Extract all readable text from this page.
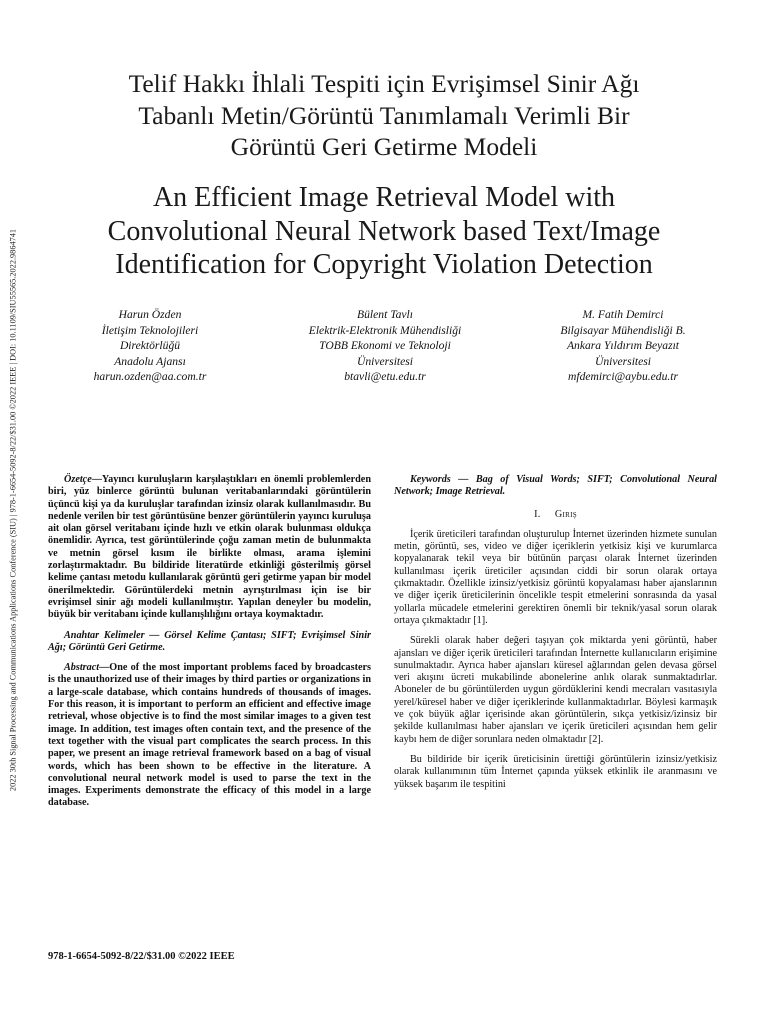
2022 30th Signal Processing and Communications Applications Conference (SIU) | 978-1-6654-5092-8/22/$31.00 ©2022 IEEE | DOI: 10.1109/SIU55565.2022.9864741
Telif Hakkı İhlali Tespiti için Evrişimsel Sinir Ağı
Tabanlı Metin/Görüntü Tanımlamalı Verimli Bir
Görüntü Geri Getirme Modeli
An Efficient Image Retrieval Model with
Convolutional Neural Network based Text/Image
Identification for Copyright Violation Detection
Harun Özden
İletişim Teknolojileri
Direktörlüğü
Anadolu Ajansı
harun.ozden@aa.com.tr
Bülent Tavlı
Elektrik-Elektronik Mühendisliği
TOBB Ekonomi ve Teknoloji
Üniversitesi
btavli@etu.edu.tr
M. Fatih Demirci
Bilgisayar Mühendisliği B.
Ankara Yıldırım Beyazıt
Üniversitesi
mfdemirci@aybu.edu.tr

Özetçe—Yayıncı kuruluşların karşılaştıkları en önemli problemlerden biri, yüz binlerce görüntü bulunan veritabanlarındaki görüntülerin üçüncü kişi ya da kuruluşlar tarafından izinsiz olarak kullanılmasıdır. Bu nedenle verilen bir test görüntüsüne benzer görüntülerin yayıncı kuruluşa ait olan görsel veritabanı içinde hızlı ve etkin olarak bulunması oldukça önemlidir. Ayrıca, test görüntülerinde çoğu zaman metin de bulunmakta ve metnin görsel kısım ile birlikte olması, arama işlemini zorlaştırmaktadır. Bu bildiride literatürde etkinliği gösterilmiş görsel kelime çantası metodu kullanılarak görüntü geri getirme yapan bir model önerilmektedir. Görüntülerdeki metnin ayrıştırılması için ise bir evrişimsel sinir ağı modeli kullanılmıştır. Yapılan deneyler bu modelin, büyük bir veritabanı içinde kullanışlılığını ortaya koymaktadır.

Anahtar Kelimeler — Görsel Kelime Çantası; SIFT; Evrişimsel Sinir Ağı; Görüntü Geri Getirme.

Abstract—One of the most important problems faced by broadcasters is the unauthorized use of their images by third parties or organizations in a large-scale database, which contains hundreds of thousands of images. For this reason, it is important to perform an efficient and effective image retrieval, whose objective is to find the most similar images to a given test image. In addition, test images often contain text, and the presence of the text together with the visual part complicates the search process. In this paper, we present an image retrieval framework based on a bag of visual words, which has been shown to be effective in the literature. A convolutional neural network model is used to parse the text in the images. Experiments demonstrate the efficacy of this model in a large database.

Keywords — Bag of Visual Words; SIFT; Convolutional Neural Network; Image Retrieval.

I. Giriş

İçerik üreticileri tarafından oluşturulup İnternet üzerinden hizmete sunulan metin, görüntü, ses, video ve diğer içeriklerin yetkisiz kişi ve kurumlarca kopyalanarak tekil veya bir bütünün parçası olarak İnternet üzerinden kullanılması içerik üreticiler açısından ciddi bir sorun olarak ortaya çıkmaktadır. Özellikle izinsiz/yetkisiz görüntü kopyalaması haber ajanslarının ve diğer içerik üreticilerinin öncelikle tespit etmelerini sonrasında da yasal yollarla mücadele etmelerini gerektiren önemli bir teknik/yasal sorun olarak ortaya çıkmaktadır [1].

Sürekli olarak haber değeri taşıyan çok miktarda yeni görüntü, haber ajansları ve diğer içerik üreticileri tarafından İnternette kullanıcıların erişimine sunulmaktadır. Ayrıca haber ajansları küresel ağlarından gelen devasa görsel veri akışını ücreti mukabilinde abonelerine anlık olarak sunmaktadırlar. Aboneler de bu görüntülerden uygun gördüklerini kendi mecraları vasıtasıyla yerel/küresel haber ve diğer içeriklerinde kullanmaktadırlar. Böylesi karmaşık ve çok büyük ağlar içerisinde akan görüntülerin, sıkça yetkisiz/izinsiz bir şekilde kullanılması haber ajansları ve içerik üreticileri açısından hem gelir kaybı hem de diğer sorunlara neden olmaktadır [2].

Bu bildiride bir içerik üreticisinin ürettiği görüntülerin izinsiz/yetkisiz olarak kullanımının tüm İnternet çapında yüksek etkinlik ile aranmasını ve yüksek başarım ile tespitini

978-1-6654-5092-8/22/$31.00 ©2022 IEEE
